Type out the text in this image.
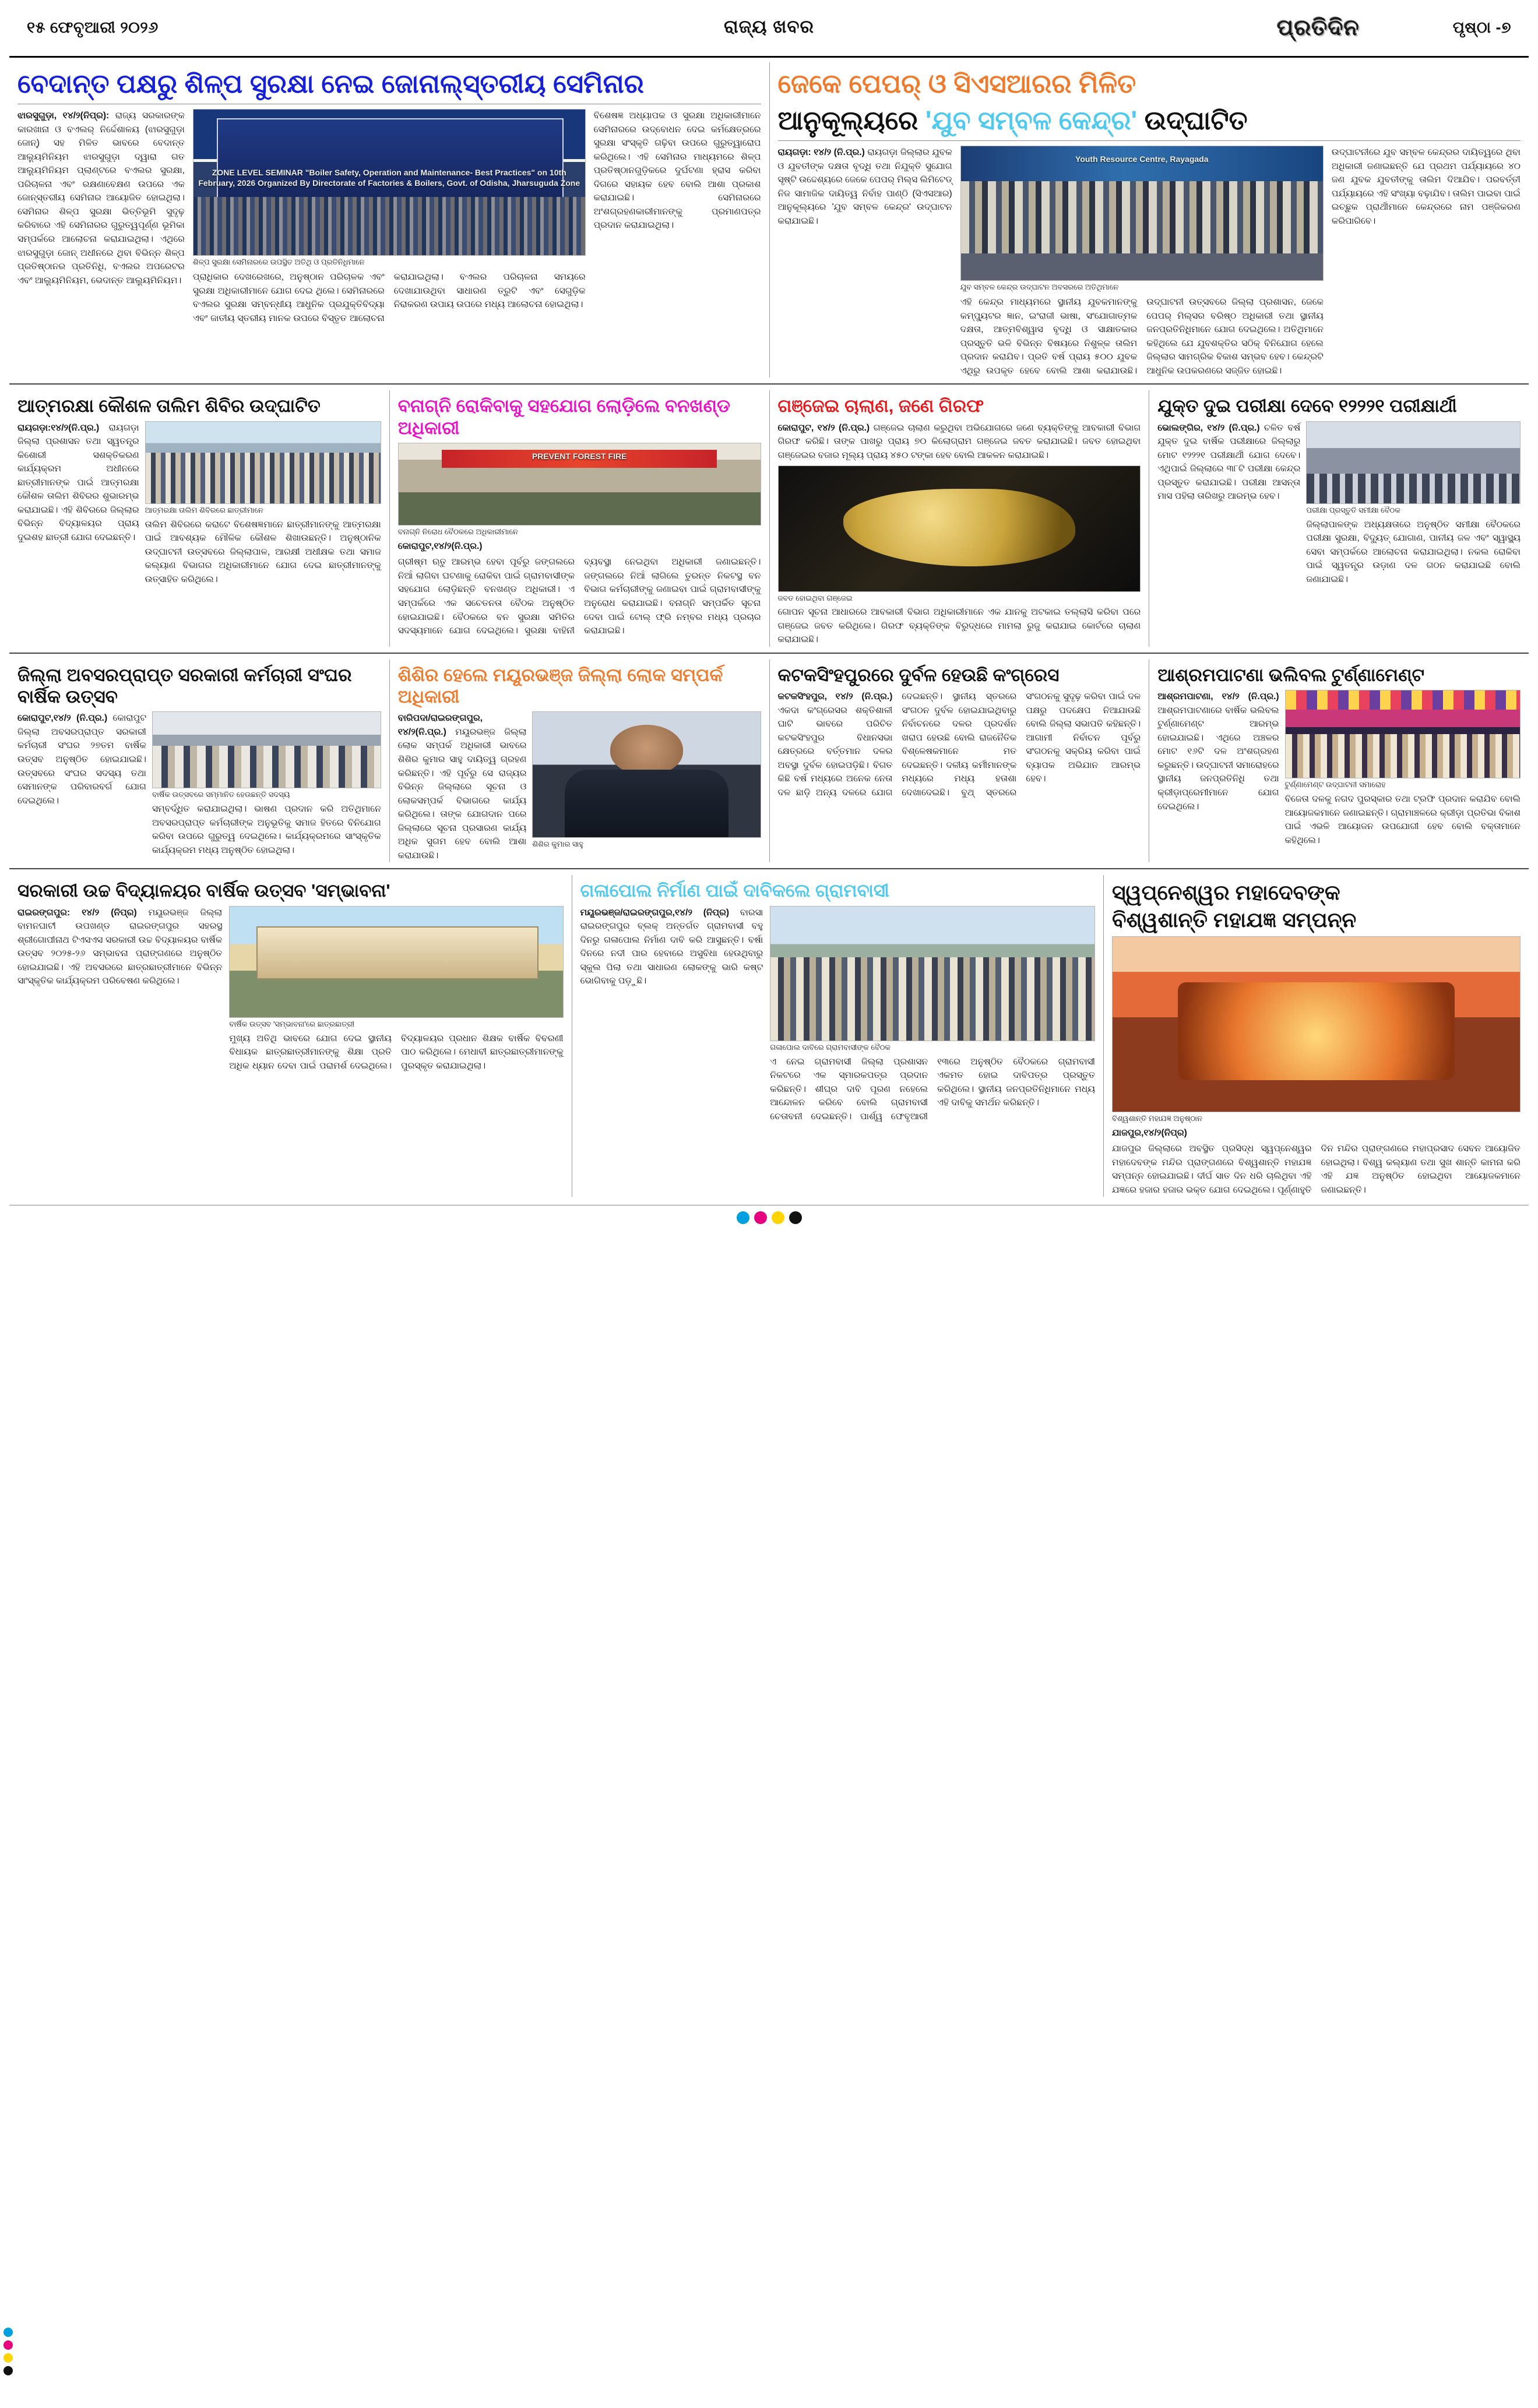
୧୫ ଫେବୃଆରୀ ୨୦୨୬	ରାଜ୍ୟ ଖବର	ପ୍ରତିଦିନ	ପୃଷ୍ଠା -୭
ବେଦାନ୍ତ ପକ୍ଷରୁ ଶିଳ୍ପ ସୁରକ୍ଷା ନେଇ ଜୋନାଲ୍‌ସ୍ତରୀୟ ସେମିନାର
ଝାରସୁଗୁଡ଼ା, ୧୪/୨(ନିପ୍ର): ରାଜ୍ୟ ସରକାରଙ୍କ କାରଖାନା ଓ ବଏଲର୍ ନିର୍ଦ୍ଦେଶାଳୟ (ଝାରସୁଗୁଡ଼ା ଜୋନ୍) ସହ ମିଳିତ ଭାବରେ ବେଦାନ୍ତ ଆଲ୍ୟୁମିନିୟମ ଝାରସୁଗୁଡ଼ା ଦ୍ୱାରା ଗତ ଆଲ୍ୟୁମିନିୟମ ପ୍ଲାଣ୍ଟରେ ବଏଲର ସୁରକ୍ଷା, ପରିଚାଳନା ଏବଂ ରକ୍ଷଣାବେକ୍ଷଣ ଉପରେ ଏକ ଜୋନ୍‌ସ୍ତରୀୟ ସେମିନାର ଆୟୋଜିତ ହୋଇଥିଲା। ସେମିନାର ଶିଳ୍ପ ସୁରକ୍ଷା ଭିତ୍ତିଭୂମି ସୁଦୃଢ଼ କରିବାରେ ଏହି ସେମିନାରର ଗୁରୁତ୍ୱପୂର୍ଣ୍ଣ ଭୂମିକା ସମ୍ପର୍କରେ ଆଲୋଚନା କରାଯାଇଥିଲା। ଏଥିରେ ଝାରସୁଗୁଡ଼ା ଜୋନ୍ ଅଧୀନରେ ଥିବା ବିଭିନ୍ନ ଶିଳ୍ପ ପ୍ରତିଷ୍ଠାନର ପ୍ରତିନିଧି, ବଏଲର ଅପରେଟର ଏବଂ ଆଲ୍ୟୁମିନିୟମ, ଭେଦାନ୍ତ ଆଲ୍ୟୁମିନିୟମ।
ZONE LEVEL SEMINAR "Boiler Safety, Operation and Maintenance- Best Practices" on 10th February, 2026 Organized By Directorate of Factories & Boilers, Govt. of Odisha, Jharsuguda Zone
ଶିଳ୍ପ ସୁରକ୍ଷା ସେମିନାରରେ ଉପସ୍ଥିତ ଅତିଥି ଓ ପ୍ରତିନିଧିମାନେ
ପ୍ରାଧିକାର ଦେଖରେଖରେ, ଅନୁଷ୍ଠାନ ପରିଚାଳକ ଏବଂ ସୁରକ୍ଷା ଅଧିକାରୀମାନେ ଯୋଗ ଦେଇ ଥିଲେ। ସେମିନାରରେ ବଏଲର ସୁରକ୍ଷା ସମ୍ବନ୍ଧୀୟ ଆଧୁନିକ ପ୍ରଯୁକ୍ତିବିଦ୍ୟା ଏବଂ ଜାତୀୟ ସ୍ତରୀୟ ମାନକ ଉପରେ ବିସ୍ତୃତ ଆଲୋଚନା କରାଯାଇଥିଲା। ବଏଲର ପରିଚାଳନା ସମୟରେ ଦେଖାଯାଉଥିବା ସାଧାରଣ ତ୍ରୁଟି ଏବଂ ସେଗୁଡ଼ିକ ନିରାକରଣ ଉପାୟ ଉପରେ ମଧ୍ୟ ଆଲୋଚନା ହୋଇଥିଲା।
ବିଶେଷଜ୍ଞ ଅଧ୍ୟାପକ ଓ ସୁରକ୍ଷା ଅଧିକାରୀମାନେ ସେମିନାରରେ ଉଦ୍‌ବୋଧନ ଦେଇ କର୍ମକ୍ଷେତ୍ରରେ ସୁରକ୍ଷା ସଂସ୍କୃତି ଗଢ଼ିବା ଉପରେ ଗୁରୁତ୍ୱାରୋପ କରିଥିଲେ। ଏହି ସେମିନାର ମାଧ୍ୟମରେ ଶିଳ୍ପ ପ୍ରତିଷ୍ଠାନଗୁଡ଼ିକରେ ଦୁର୍ଘଟଣା ହ୍ରାସ କରିବା ଦିଗରେ ସହାୟକ ହେବ ବୋଲି ଆଶା ପ୍ରକାଶ କରାଯାଇଛି। ସେମିନାରରେ ଅଂଶଗ୍ରହଣକାରୀମାନଙ୍କୁ ପ୍ରମାଣପତ୍ର ପ୍ରଦାନ କରାଯାଇଥିଲା।
ଜେକେ ପେପର୍ ଓ ସିଏସଆରର ମିଳିତ
ଆନୁକୂଲ୍ୟରେ 'ଯୁବ ସମ୍ବଳ କେନ୍ଦ୍ର' ଉଦ୍‌ଘାଟିତ
ରାୟଗଡ଼ା: ୧୪/୨ (ନି.ପ୍ର.) ରାୟଗଡ଼ା ଜିଲ୍ଲାର ଯୁବକ ଓ ଯୁବତୀଙ୍କ ଦକ୍ଷତା ବୃଦ୍ଧି ତଥା ନିଯୁକ୍ତି ସୁଯୋଗ ସୃଷ୍ଟି ଉଦ୍ଦେଶ୍ୟରେ ଜେକେ ପେପର୍ ମିଲ୍‌ସ ଲିମିଟେଡ୍ ନିଜ ସାମାଜିକ ଦାୟିତ୍ୱ ନିର୍ବାହ ପାଣ୍ଠି (ସିଏସଆର) ଆନୁକୂଲ୍ୟରେ 'ଯୁବ ସମ୍ବଳ କେନ୍ଦ୍ର' ଉଦ୍‌ଘାଟନ କରାଯାଇଛି।
Youth Resource Centre, Rayagada
ଯୁବ ସମ୍ବଳ କେନ୍ଦ୍ର ଉଦ୍‌ଘାଟନ ଅବସରରେ ଅତିଥିମାନେ
ଏହି କେନ୍ଦ୍ର ମାଧ୍ୟମରେ ସ୍ଥାନୀୟ ଯୁବକମାନଙ୍କୁ କମ୍ପ୍ୟୁଟର ଜ୍ଞାନ, ଇଂରାଜୀ ଭାଷା, ସଂଯୋଗାତ୍ମକ ଦକ୍ଷତା, ଆତ୍ମବିଶ୍ୱାସ ବୃଦ୍ଧି ଓ ସାକ୍ଷାତକାର ପ୍ରସ୍ତୁତି ଭଳି ବିଭିନ୍ନ ବିଷୟରେ ନିଶୁଳ୍କ ତାଲିମ ପ୍ରଦାନ କରାଯିବ। ପ୍ରତି ବର୍ଷ ପ୍ରାୟ ୫୦୦ ଯୁବକ ଏଥିରୁ ଉପକୃତ ହେବେ ବୋଲି ଆଶା କରାଯାଉଛି। ଉଦ୍‌ଘାଟନୀ ଉତ୍ସବରେ ଜିଲ୍ଲା ପ୍ରଶାସନ, ଜେକେ ପେପର୍ ମିଲ୍‌ସର ବରିଷ୍ଠ ଅଧିକାରୀ ତଥା ସ୍ଥାନୀୟ ଜନପ୍ରତିନିଧିମାନେ ଯୋଗ ଦେଇଥିଲେ। ଅତିଥିମାନେ କହିଥିଲେ ଯେ ଯୁବଶକ୍ତିର ସଠିକ୍ ବିନିଯୋଗ ହେଲେ ଜିଲ୍ଲାର ସାମଗ୍ରିକ ବିକାଶ ସମ୍ଭବ ହେବ। କେନ୍ଦ୍ରଟି ଆଧୁନିକ ଉପକରଣରେ ସଜ୍ଜିତ ହୋଇଛି।
ଉଦ୍‌ଘାଟନୀରେ ଯୁବ ସମ୍ବଳ କେନ୍ଦ୍ରର ଦାୟିତ୍ୱରେ ଥିବା ଅଧିକାରୀ ଜଣାଇଛନ୍ତି ଯେ ପ୍ରଥମ ପର୍ଯ୍ୟାୟରେ ୪୦ ଜଣ ଯୁବକ ଯୁବତୀଙ୍କୁ ତାଲିମ ଦିଆଯିବ। ପରବର୍ତ୍ତୀ ପର୍ଯ୍ୟାୟରେ ଏହି ସଂଖ୍ୟା ବଢ଼ାଯିବ। ତାଲିମ ପାଇବା ପାଇଁ ଇଚ୍ଛୁକ ପ୍ରାର୍ଥୀମାନେ କେନ୍ଦ୍ରରେ ନାମ ପଞ୍ଜିକରଣ କରିପାରିବେ।
ଆତ୍ମରକ୍ଷା କୌଶଳ ତାଲିମ ଶିବିର ଉଦ୍‌ଘାଟିତ
ରାୟଗଡ଼ା:୧୪/୨(ନି.ପ୍ର.) ରାୟଗଡ଼ା ଜିଲ୍ଲା ପ୍ରଶାସନ ତଥା ସ୍ୱତନ୍ତ୍ର କିଶୋରୀ ସଶକ୍ତିକରଣ କାର୍ଯ୍ୟକ୍ରମ ଅଧୀନରେ ଛାତ୍ରୀମାନଙ୍କ ପାଇଁ ଆତ୍ମରକ୍ଷା କୌଶଳ ତାଲିମ ଶିବିରର ଶୁଭାରମ୍ଭ କରାଯାଇଛି। ଏହି ଶିବିରରେ ଜିଲ୍ଲାର ବିଭିନ୍ନ ବିଦ୍ୟାଳୟର ପ୍ରାୟ ଦୁଇଶହ ଛାତ୍ରୀ ଯୋଗ ଦେଇଛନ୍ତି।
ଆତ୍ମରକ୍ଷା ତାଲିମ ଶିବିରରେ ଛାତ୍ରୀମାନେ
ତାଲିମ ଶିବିରରେ କରାଟେ ବିଶେଷଜ୍ଞମାନେ ଛାତ୍ରୀମାନଙ୍କୁ ଆତ୍ମରକ୍ଷା ପାଇଁ ଆବଶ୍ୟକ ମୌଳିକ କୌଶଳ ଶିଖାଉଛନ୍ତି। ଅନୁଷ୍ଠାନିକ ଉଦ୍‌ଘାଟନୀ ଉତ୍ସବରେ ଜିଲ୍ଲାପାଳ, ଆରକ୍ଷୀ ଅଧୀକ୍ଷକ ତଥା ସମାଜ କଲ୍ୟାଣ ବିଭାଗର ଅଧିକାରୀମାନେ ଯୋଗ ଦେଇ ଛାତ୍ରୀମାନଙ୍କୁ ଉତ୍ସାହିତ କରିଥିଲେ।
ବନାଗ୍ନି ରୋକିବାକୁ ସହଯୋଗ ଲୋଡ଼ିଲେ ବନଖଣ୍ଡ ଅଧିକାରୀ
PREVENT FOREST FIRE
ବନାଗ୍ନି ନିରୋଧ ବୈଠକରେ ଅଧିକାରୀମାନେ
କୋରାପୁଟ,୧୪/୨(ନି.ପ୍ର.)
ଗ୍ରୀଷ୍ମ ଋତୁ ଆରମ୍ଭ ହେବା ପୂର୍ବରୁ ଜଙ୍ଗଲରେ ନିଆଁ ଲାଗିବା ଘଟଣାକୁ ରୋକିବା ପାଇଁ ଗ୍ରାମବାସୀଙ୍କ ସହଯୋଗ ଲୋଡ଼ିଛନ୍ତି ବନଖଣ୍ଡ ଅଧିକାରୀ। ଏ ସମ୍ପର୍କରେ ଏକ ସଚେତନତା ବୈଠକ ଅନୁଷ୍ଠିତ ହୋଇଯାଇଛି। ବୈଠକରେ ବନ ସୁରକ୍ଷା ସମିତିର ସଦସ୍ୟମାନେ ଯୋଗ ଦେଇଥିଲେ। ସୁରକ୍ଷା ବାହିନୀ ବ୍ୟବସ୍ଥା ନେଇଥିବା ଅଧିକାରୀ ଜଣାଇଛନ୍ତି। ଜଙ୍ଗଲରେ ନିଆଁ ଲାଗିଲେ ତୁରନ୍ତ ନିକଟସ୍ଥ ବନ ବିଭାଗ କର୍ମଚାରୀଙ୍କୁ ଜଣାଇବା ପାଇଁ ଗ୍ରାମବାସୀଙ୍କୁ ଅନୁରୋଧ କରାଯାଇଛି। ବନାଗ୍ନି ସମ୍ପର୍କିତ ସୂଚନା ଦେବା ପାଇଁ ଟୋଲ୍ ଫ୍ରି ନମ୍ବର ମଧ୍ୟ ପ୍ରଚାର କରାଯାଇଛି।
ଗଞ୍ଜେଇ ଚାଲାଣ, ଜଣେ ଗିରଫ
କୋରାପୁଟ, ୧୪/୨ (ନି.ପ୍ର.) ଗଞ୍ଜେଇ ଚାଲାଣ କରୁଥିବା ଅଭିଯୋଗରେ ଜଣେ ବ୍ୟକ୍ତିଙ୍କୁ ଆବକାରୀ ବିଭାଗ ଗିରଫ କରିଛି। ତାଙ୍କ ପାଖରୁ ପ୍ରାୟ ୭୦ କିଲୋଗ୍ରାମ ଗଞ୍ଜେଇ ଜବତ କରାଯାଇଛି। ଜବତ ହୋଇଥିବା ଗଞ୍ଜେଇର ବଜାର ମୂଲ୍ୟ ପ୍ରାୟ ୪୫୦ ଟଙ୍କା ହେବ ବୋଲି ଆକଳନ କରାଯାଇଛି।
ଜବତ ହୋଇଥିବା ଗଞ୍ଜେଇ
ଗୋପନ ସୂଚନା ଆଧାରରେ ଆବକାରୀ ବିଭାଗ ଅଧିକାରୀମାନେ ଏକ ଯାନକୁ ଅଟକାଇ ତଲ୍ଲାସି କରିବା ପରେ ଗଞ୍ଜେଇ ଜବତ କରିଥିଲେ। ଗିରଫ ବ୍ୟକ୍ତିଙ୍କ ବିରୁଦ୍ଧରେ ମାମଲା ରୁଜୁ କରାଯାଇ କୋର୍ଟରେ ଚାଲାଣ କରାଯାଇଛି।
ଯୁକ୍ତ ଦୁଇ ପରୀକ୍ଷା ଦେବେ ୧୨୨୨୧ ପରୀକ୍ଷାର୍ଥୀ
ଭୋଲଙ୍ଗିର, ୧୪/୨ (ନି.ପ୍ର.) ଚଳିତ ବର୍ଷ ଯୁକ୍ତ ଦୁଇ ବାର୍ଷିକ ପରୀକ୍ଷାରେ ଜିଲ୍ଲାରୁ ମୋଟ ୧୨୨୨୧ ପରୀକ୍ଷାର୍ଥୀ ଯୋଗ ଦେବେ। ଏଥିପାଇଁ ଜିଲ୍ଲାରେ ୩୮ଟି ପରୀକ୍ଷା କେନ୍ଦ୍ର ପ୍ରସ୍ତୁତ କରାଯାଇଛି। ପରୀକ୍ଷା ଆସନ୍ତା ମାସ ପହିଲା ତାରିଖରୁ ଆରମ୍ଭ ହେବ।
ପରୀକ୍ଷା ପ୍ରସ୍ତୁତି ସମୀକ୍ଷା ବୈଠକ
ଜିଲ୍ଲାପାଳଙ୍କ ଅଧ୍ୟକ୍ଷତାରେ ଅନୁଷ୍ଠିତ ସମୀକ୍ଷା ବୈଠକରେ ପରୀକ୍ଷା ସୁରକ୍ଷା, ବିଦ୍ୟୁତ୍ ଯୋଗାଣ, ପାନୀୟ ଜଳ ଏବଂ ସ୍ୱାସ୍ଥ୍ୟ ସେବା ସମ୍ପର୍କରେ ଆଲୋଚନା କରାଯାଇଥିଲା। ନକଲ ରୋକିବା ପାଇଁ ସ୍ୱତନ୍ତ୍ର ଉଡ଼ାଣ ଦଳ ଗଠନ କରାଯାଇଛି ବୋଲି ଜଣାଯାଇଛି।
ଜିଲ୍ଲା ଅବସରପ୍ରାପ୍ତ ସରକାରୀ କର୍ମଚାରୀ ସଂଘର ବାର୍ଷିକ ଉତ୍ସବ
କୋରାପୁଟ,୧୪/୨ (ନି.ପ୍ର.) କୋରାପୁଟ ଜିଲ୍ଲା ଅବସରପ୍ରାପ୍ତ ସରକାରୀ କର୍ମଚାରୀ ସଂଘର ୨୭ତମ ବାର୍ଷିକ ଉତ୍ସବ ଅନୁଷ୍ଠିତ ହୋଇଯାଇଛି। ଉତ୍ସବରେ ସଂଘର ସଦସ୍ୟ ତଥା ସେମାନଙ୍କ ପରିବାରବର୍ଗ ଯୋଗ ଦେଇଥିଲେ।
ବାର୍ଷିକ ଉତ୍ସବରେ ସମ୍ମାନିତ ହେଉଛନ୍ତି ସଦସ୍ୟ
ସମ୍ବର୍ଦ୍ଧିତ କରାଯାଇଥିଲା। ଭାଷଣ ପ୍ରଦାନ କରି ଅତିଥିମାନେ ଅବସରପ୍ରାପ୍ତ କର୍ମଚାରୀଙ୍କ ଅନୁଭୂତିକୁ ସମାଜ ହିତରେ ବିନିଯୋଗ କରିବା ଉପରେ ଗୁରୁତ୍ୱ ଦେଇଥିଲେ। କାର୍ଯ୍ୟକ୍ରମରେ ସାଂସ୍କୃତିକ କାର୍ଯ୍ୟକ୍ରମ ମଧ୍ୟ ଅନୁଷ୍ଠିତ ହୋଇଥିଲା।
ଶିଶିର ହେଲେ ମୟୂରଭଞ୍ଜ ଜିଲ୍ଲା ଲୋକ ସମ୍ପର୍କ ଅଧିକାରୀ
ବାରିପଦା/ରାଇରଙ୍ଗପୁର, ୧୪/୨(ନି.ପ୍ର.) ମୟୂରଭଞ୍ଜ ଜିଲ୍ଲା ଲୋକ ସମ୍ପର୍କ ଅଧିକାରୀ ଭାବରେ ଶିଶିର କୁମାର ସାହୁ ଦାୟିତ୍ୱ ଗ୍ରହଣ କରିଛନ୍ତି। ଏହି ପୂର୍ବରୁ ସେ ରାଜ୍ୟର ବିଭିନ୍ନ ଜିଲ୍ଲାରେ ସୂଚନା ଓ ଲୋକସମ୍ପର୍କ ବିଭାଗରେ କାର୍ଯ୍ୟ କରିଥିଲେ। ତାଙ୍କ ଯୋଗଦାନ ପରେ ଜିଲ୍ଲାରେ ସୂଚନା ପ୍ରସାରଣ କାର୍ଯ୍ୟ ଅଧିକ ସୁଗମ ହେବ ବୋଲି ଆଶା କରାଯାଉଛି।
ଶିଶିର କୁମାର ସାହୁ
କଟକସିଂହପୁରରେ ଦୁର୍ବଳ ହେଉଛି କଂଗ୍ରେସ
କଟକସିଂହପୁର, ୧୪/୨ (ନି.ପ୍ର.) ଏକଦା କଂଗ୍ରେସର ଶକ୍ତିଶାଳୀ ଘାଟି ଭାବରେ ପରିଚିତ କଟକସିଂହପୁର ବିଧାନସଭା କ୍ଷେତ୍ରରେ ବର୍ତ୍ତମାନ ଦଳର ଅବସ୍ଥା ଦୁର୍ବଳ ହୋଇପଡ଼ିଛି। ବିଗତ କିଛି ବର୍ଷ ମଧ୍ୟରେ ଅନେକ ନେତା ଦଳ ଛାଡ଼ି ଅନ୍ୟ ଦଳରେ ଯୋଗ ଦେଇଛନ୍ତି। ସ୍ଥାନୀୟ ସ୍ତରରେ ସଂଗଠନ ଦୁର୍ବଳ ହୋଇଯାଇଥିବାରୁ ନିର୍ବାଚନରେ ଦଳର ପ୍ରଦର୍ଶନ ଖରାପ ହେଉଛି ବୋଲି ରାଜନୈତିକ ବିଶ୍ଳେଷକମାନେ ମତ ଦେଇଛନ୍ତି। ଦଳୀୟ କର୍ମୀମାନଙ୍କ ମଧ୍ୟରେ ମଧ୍ୟ ହତାଶା ଦେଖାଦେଇଛି। ବୁଥ୍ ସ୍ତରରେ ସଂଗଠନକୁ ସୁଦୃଢ଼ କରିବା ପାଇଁ ଦଳ ପକ୍ଷରୁ ପଦକ୍ଷେପ ନିଆଯାଉଛି ବୋଲି ଜିଲ୍ଲା ସଭାପତି କହିଛନ୍ତି। ଆଗାମୀ ନିର୍ବାଚନ ପୂର୍ବରୁ ସଂଗଠନକୁ ସକ୍ରିୟ କରିବା ପାଇଁ ବ୍ୟାପକ ଅଭିଯାନ ଆରମ୍ଭ ହେବ।
ଆଶ୍ରମପାଟଣା ଭଲିବଲ ଟୁର୍ଣ୍ଣାମେଣ୍ଟ
ଆଶ୍ରମପାଟଣା, ୧୪/୨ (ନି.ପ୍ର.) ଆଶ୍ରମପାଟଣାରେ ବାର୍ଷିକ ଭଲିବଲ ଟୁର୍ଣ୍ଣାମେଣ୍ଟ ଆରମ୍ଭ ହୋଇଯାଇଛି। ଏଥିରେ ଅଞ୍ଚଳର ମୋଟ ୧୬ଟି ଦଳ ଅଂଶଗ୍ରହଣ କରୁଛନ୍ତି। ଉଦ୍‌ଘାଟନୀ ସମାରୋହରେ ସ୍ଥାନୀୟ ଜନପ୍ରତିନିଧି ତଥା କ୍ରୀଡ଼ାପ୍ରେମୀମାନେ ଯୋଗ ଦେଇଥିଲେ।
ଟୁର୍ଣ୍ଣାମେଣ୍ଟ ଉଦ୍‌ଘାଟନୀ ସମାରୋହ
ବିଜେତା ଦଳକୁ ନଗଦ ପୁରସ୍କାର ତଥା ଟ୍ରଫି ପ୍ରଦାନ କରାଯିବ ବୋଲି ଆୟୋଜକମାନେ ଜଣାଇଛନ୍ତି। ଗ୍ରାମାଞ୍ଚଳରେ କ୍ରୀଡ଼ା ପ୍ରତିଭା ବିକାଶ ପାଇଁ ଏଭଳି ଆୟୋଜନ ଉପଯୋଗୀ ହେବ ବୋଲି ବକ୍ତାମାନେ କହିଥିଲେ।
ସରକାରୀ ଉଚ୍ଚ ବିଦ୍ୟାଳୟର ବାର୍ଷିକ ଉତ୍ସବ 'ସମ୍ଭାବନା'
ରାଇରଙ୍ଗପୁର: ୧୪/୨ (ନିପ୍ର) ମୟୂରଭଞ୍ଜ ଜିଲ୍ଲା ବାମନଘାଟୀ ଉପଖଣ୍ଡ ରାଇରଙ୍ଗପୁର ସହରସ୍ଥ ଶ୍ରୀଗୋପୀନାଥ ଟିଏସଏସ ସରକାରୀ ଉଚ୍ଚ ବିଦ୍ୟାଳୟର ବାର୍ଷିକ ଉତ୍ସବ ୨୦୨୫-୨୬ ସମ୍ଭାବନା ପ୍ରାଙ୍ଗଣରେ ଅନୁଷ୍ଠିତ ହୋଇଯାଇଛି। ଏହି ଅବସରରେ ଛାତ୍ରଛାତ୍ରୀମାନେ ବିଭିନ୍ନ ସାଂସ୍କୃତିକ କାର୍ଯ୍ୟକ୍ରମ ପରିବେଷଣ କରିଥିଲେ।
ବାର୍ଷିକ ଉତ୍ସବ 'ସମ୍ଭାବନା'ରେ ଛାତ୍ରଛାତ୍ରୀ
ମୁଖ୍ୟ ଅତିଥି ଭାବରେ ଯୋଗ ଦେଇ ସ୍ଥାନୀୟ ବିଧାୟକ ଛାତ୍ରଛାତ୍ରୀମାନଙ୍କୁ ଶିକ୍ଷା ପ୍ରତି ଅଧିକ ଧ୍ୟାନ ଦେବା ପାଇଁ ପରାମର୍ଶ ଦେଇଥିଲେ। ବିଦ୍ୟାଳୟର ପ୍ରଧାନ ଶିକ୍ଷକ ବାର୍ଷିକ ବିବରଣୀ ପାଠ କରିଥିଲେ। ମେଧାବୀ ଛାତ୍ରଛାତ୍ରୀମାନଙ୍କୁ ପୁରସ୍କୃତ କରାଯାଇଥିଲା।
ଗଳାପୋଲ ନିର୍ମାଣ ପାଇଁ ଦାବିକଲେ ଗ୍ରାମବାସୀ
ମୟୂରଭଞ୍ଜ/ରାଇରଙ୍ଗପୁର,୧୪/୨ (ନିପ୍ର) ବାରସା ରାଇରଙ୍ଗପୁର ବ୍ଲକ୍ ଅନ୍ତର୍ଗତ ଗ୍ରାମବାସୀ ବହୁ ଦିନରୁ ଗଳାପୋଲ ନିର୍ମାଣ ଦାବି କରି ଆସୁଛନ୍ତି। ବର୍ଷା ଦିନରେ ନଦୀ ପାର ହେବାରେ ଅସୁବିଧା ହେଉଥିବାରୁ ସ୍କୁଲ ପିଲା ତଥା ସାଧାରଣ ଲୋକଙ୍କୁ ଭାରି କଷ୍ଟ ଭୋଗିବାକୁ ପଡ଼ୁଛି।
ଗଳାପୋଲ ଦାବିରେ ଗ୍ରାମବାସୀଙ୍କ ବୈଠକ
ଏ ନେଇ ଗ୍ରାମବାସୀ ଜିଲ୍ଲା ପ୍ରଶାସନ ନିକଟରେ ଏକ ସ୍ମାରକପତ୍ର ପ୍ରଦାନ କରିଛନ୍ତି। ଶୀଘ୍ର ଦାବି ପୂରଣ ନହେଲେ ଆନ୍ଦୋଳନ କରିବେ ବୋଲି ଗ୍ରାମବାସୀ ଚେତାବନୀ ଦେଇଛନ୍ତି। ପାର୍ଶ୍ୱ ଫେବୃଆରୀ ୧୩ରେ ଅନୁଷ୍ଠିତ ବୈଠକରେ ଗ୍ରାମବାସୀ ଏକମତ ହୋଇ ଦାବିପତ୍ର ପ୍ରସ୍ତୁତ କରିଥିଲେ। ସ୍ଥାନୀୟ ଜନପ୍ରତିନିଧିମାନେ ମଧ୍ୟ ଏହି ଦାବିକୁ ସମର୍ଥନ କରିଛନ୍ତି।
ସ୍ୱପ୍ନେଶ୍ୱର ମହାଦେବଙ୍କ
ବିଶ୍ୱଶାନ୍ତି ମହାଯଜ୍ଞ ସମ୍ପନ୍ନ
ବିଶ୍ୱଶାନ୍ତି ମହାଯଜ୍ଞ ଅନୁଷ୍ଠାନ
ଯାଜପୁର,୧୪/୨(ନିପ୍ର)
ଯାଜପୁର ଜିଲ୍ଲାରେ ଅବସ୍ଥିତ ପ୍ରସିଦ୍ଧ ସ୍ୱପ୍ନେଶ୍ୱର ମହାଦେବଙ୍କ ମନ୍ଦିର ପ୍ରାଙ୍ଗଣରେ ବିଶ୍ୱଶାନ୍ତି ମହାଯଜ୍ଞ ସମ୍ପନ୍ନ ହୋଇଯାଇଛି। ଦୀର୍ଘ ସାତ ଦିନ ଧରି ଚାଲିଥିବା ଏହି ଯଜ୍ଞରେ ହଜାର ହଜାର ଭକ୍ତ ଯୋଗ ଦେଇଥିଲେ। ପୂର୍ଣ୍ଣାହୁତି ଦିନ ମନ୍ଦିର ପ୍ରାଙ୍ଗଣରେ ମହାପ୍ରସାଦ ସେବନ ଆୟୋଜିତ ହୋଇଥିଲା। ବିଶ୍ୱ କଲ୍ୟାଣ ତଥା ସୁଖ ଶାନ୍ତି କାମନା କରି ଏହି ଯଜ୍ଞ ଅନୁଷ୍ଠିତ ହୋଇଥିବା ଆୟୋଜକମାନେ ଜଣାଇଛନ୍ତି।
